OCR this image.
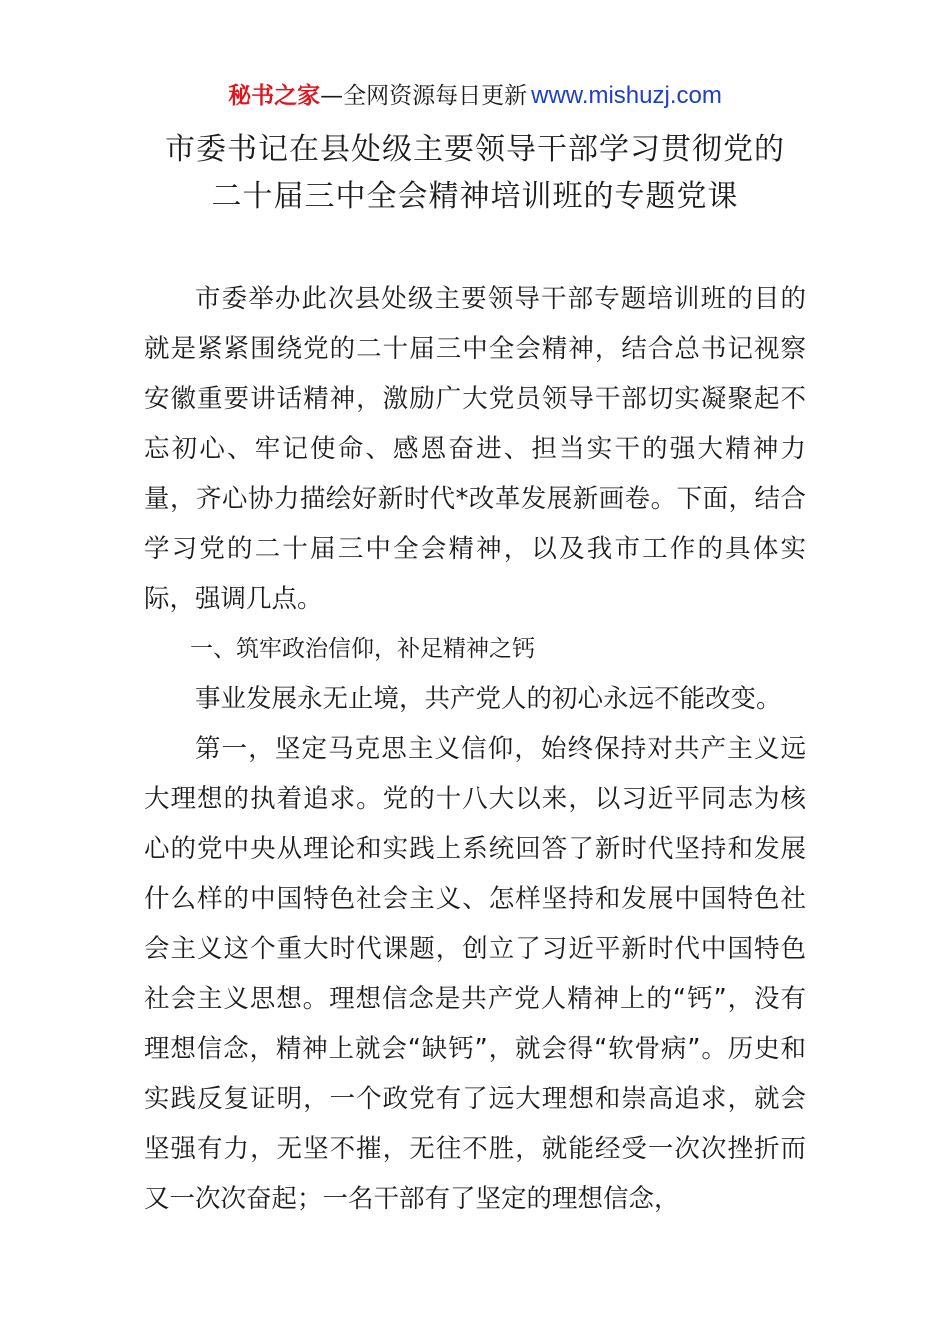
秘书之家—全网资源每日更新 www.mishuzj.com
市委书记在县处级主要领导干部学习贯彻党的
二十届三中全会精神培训班的专题党课

市委举办此次县处级主要领导干部专题培训班的目的就是紧紧围绕党的二十届三中全会精神，结合总书记视察安徽重要讲话精神，激励广大党员领导干部切实凝聚起不忘初心、牢记使命、感恩奋进、担当实干的强大精神力量，齐心协力描绘好新时代*改革发展新画卷。下面，结合学习党的二十届三中全会精神，以及我市工作的具体实际，强调几点。

一、筑牢政治信仰，补足精神之钙

事业发展永无止境，共产党人的初心永远不能改变。

第一，坚定马克思主义信仰，始终保持对共产主义远大理想的执着追求。党的十八大以来，以习近平同志为核心的党中央从理论和实践上系统回答了新时代坚持和发展什么样的中国特色社会主义、怎样坚持和发展中国特色社会主义这个重大时代课题，创立了习近平新时代中国特色社会主义思想。理想信念是共产党人精神上的“钙”，没有理想信念，精神上就会“缺钙”，就会得“软骨病”。历史和实践反复证明，一个政党有了远大理想和崇高追求，就会坚强有力，无坚不摧，无往不胜，就能经受一次次挫折而又一次次奋起；一名干部有了坚定的理想信念，
